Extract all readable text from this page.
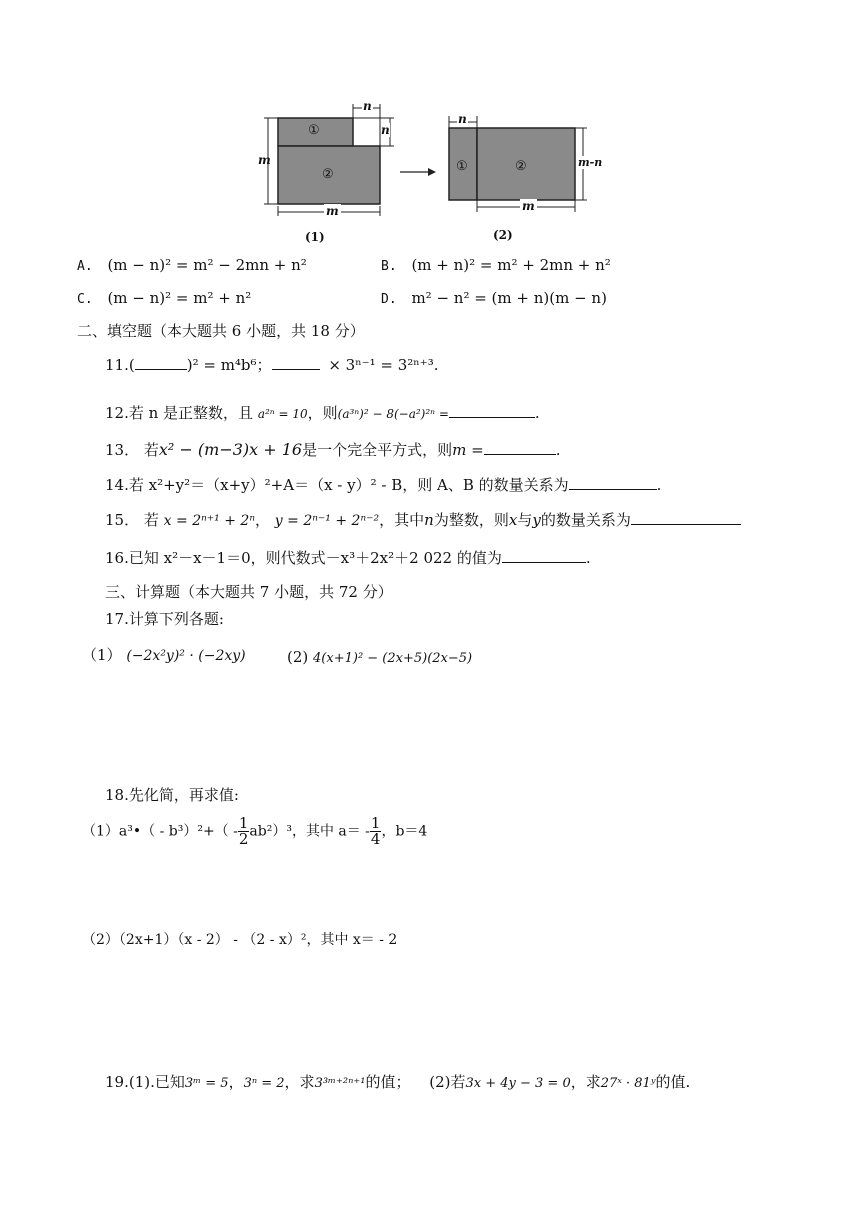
①
②
m
m
n
n
(1)
①	②
n
m
m-n
(2)
A. (m − n)² = m² − 2mn + n²	B. (m + n)² = m² + 2mn + n²
C. (m − n)² = m² + n²	D. m² − n² = (m + n)(m − n)
二、填空题（本大题共 6 小题，共 18 分）
11.(	)² = m⁴b⁶；	× 3ⁿ⁻¹ = 3²ⁿ⁺³.
12.若 n 是正整数，且 a²ⁿ = 10，则(a³ⁿ)² − 8(−a²)²ⁿ =	.
13． 若x² − (m−3)x + 16是一个完全平方式，则m =	.
14.若 x²+y²＝（x+y）²+A＝（x - y）² - B，则 A、B 的数量关系为	.
15． 若 x = 2ⁿ⁺¹ + 2ⁿ， y = 2ⁿ⁻¹ + 2ⁿ⁻²，其中n为整数，则x与y的数量关系为
16.已知 x²－x－1＝0，则代数式－x³＋2x²＋2 022 的值为	.
三、计算题（本大题共 7 小题，共 72 分）
17.计算下列各题:
（1） (−2x²y)² · (−2xy)	(2) 4(x+1)² − (2x+5)(2x−5)
18.先化简，再求值:
（1）a³•（ - $b^3)^2+( - \frac{1}{2} ab^2)^3$，其中 $a= - \frac{1}{4}$ ，b＝4
（2）（2x+1）（x - 2） - （2 - x）²，其中 x＝ - 2
19.(1).已知3ᵐ = 5，3ⁿ = 2，求3³ᵐ⁺²ⁿ⁺¹的值； (2)若3x + 4y − 3 = 0，求27ˣ · 81ʸ的值.
